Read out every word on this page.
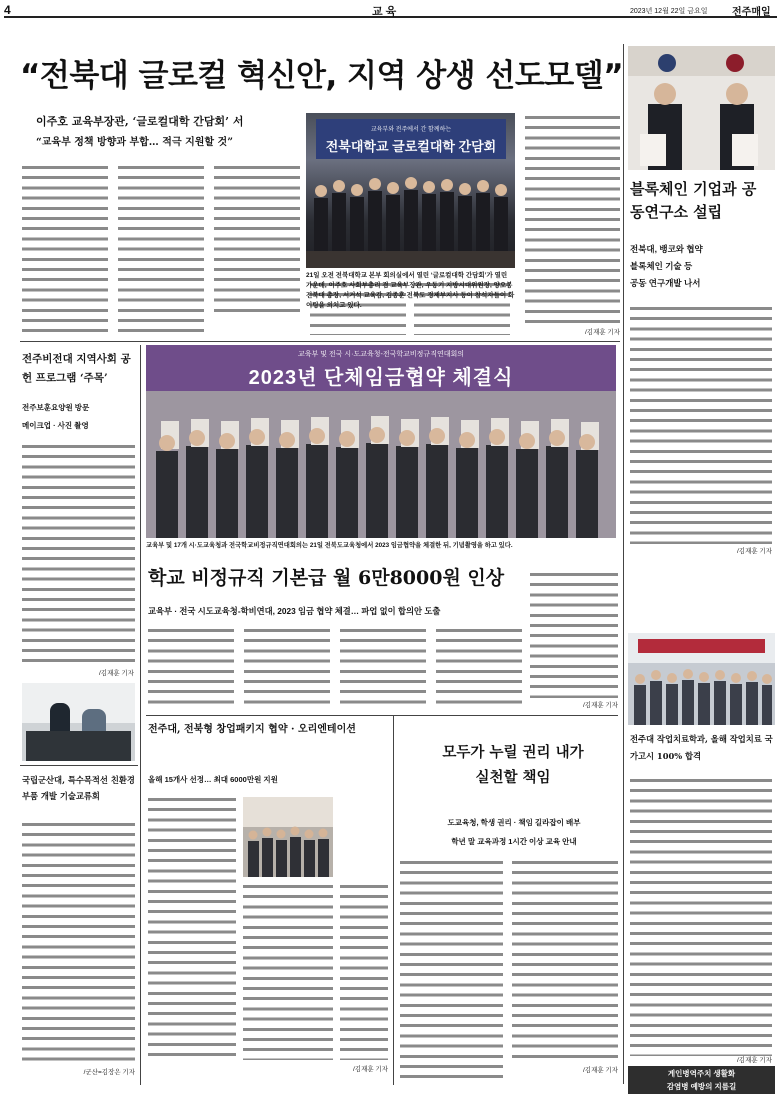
4	교 육	2023년 12월 22일 금요일 전주매일
“전북대 글로컬 혁신안, 지역 상생 선도모델”
이주호 교육부장관, ‘글로컬대학 간담회’ 서
“교육부 정책 방향과 부합… 적극 지원할 것”
/김재훈 기자
교육부와 전주에서 간 함께하는
전북대학교 글로컬대학 간담회
21일 오전 전북대학교 본부 회의실에서 열린 ‘글로컬대학 간담회’가 열린 가운데, 이주호 사회부총리 겸 교육부장관, 우동기 지방시대위원장, 양오봉 전북대 총장, 서거석 교육감, 김종훈 전북도 경제부지사 등이 참석자들이 화이팅을 외치고 있다.
블록체인 기업과 공동연구소 설립
전북대, 뱅코와 협약
블록체인 기술 등
공동 연구개발 나서
/김재훈 기자
전주비전대 지역사회 공헌 프로그램 ‘주목’
전주보훈요양원 방문
메이크업 · 사진 촬영
/김재훈 기자
교육부 및 전국 시·도교육청-전국학교비정규직연대회의
2023년 단체임금협약 체결식
교육부 및 17개 시·도교육청과 전국학교비정규직연대회의는 21일 전북도교육청에서 2023 임금협약을 체결한 뒤, 기념촬영을 하고 있다.
학교 비정규직 기본급 월 6만8000원 인상
교육부 · 전국 시도교육청-학비연대, 2023 임금 협약 체결… 파업 없이 합의안 도출
/김재훈 기자
전주대 작업치료학과, 올해 작업치료 국가고시 100% 합격
/김재훈 기자
국립군산대, 특수목적선 친환경 부품 개발 기술교류회
/군산=김장은 기자
전주대, 전북형 창업패키지 협약 · 오리엔테이션
올해 15개사 선정… 최대 6000만원 지원
/김재훈 기자
모두가 누릴 권리 내가 실천할 책임
도교육청, 학생 권리 · 책임 길라잡이 배부
학년 말 교육과정 1시간 이상 교육 안내
/김재훈 기자	게인병역주치 생활화
감염병 예방의 지름길
